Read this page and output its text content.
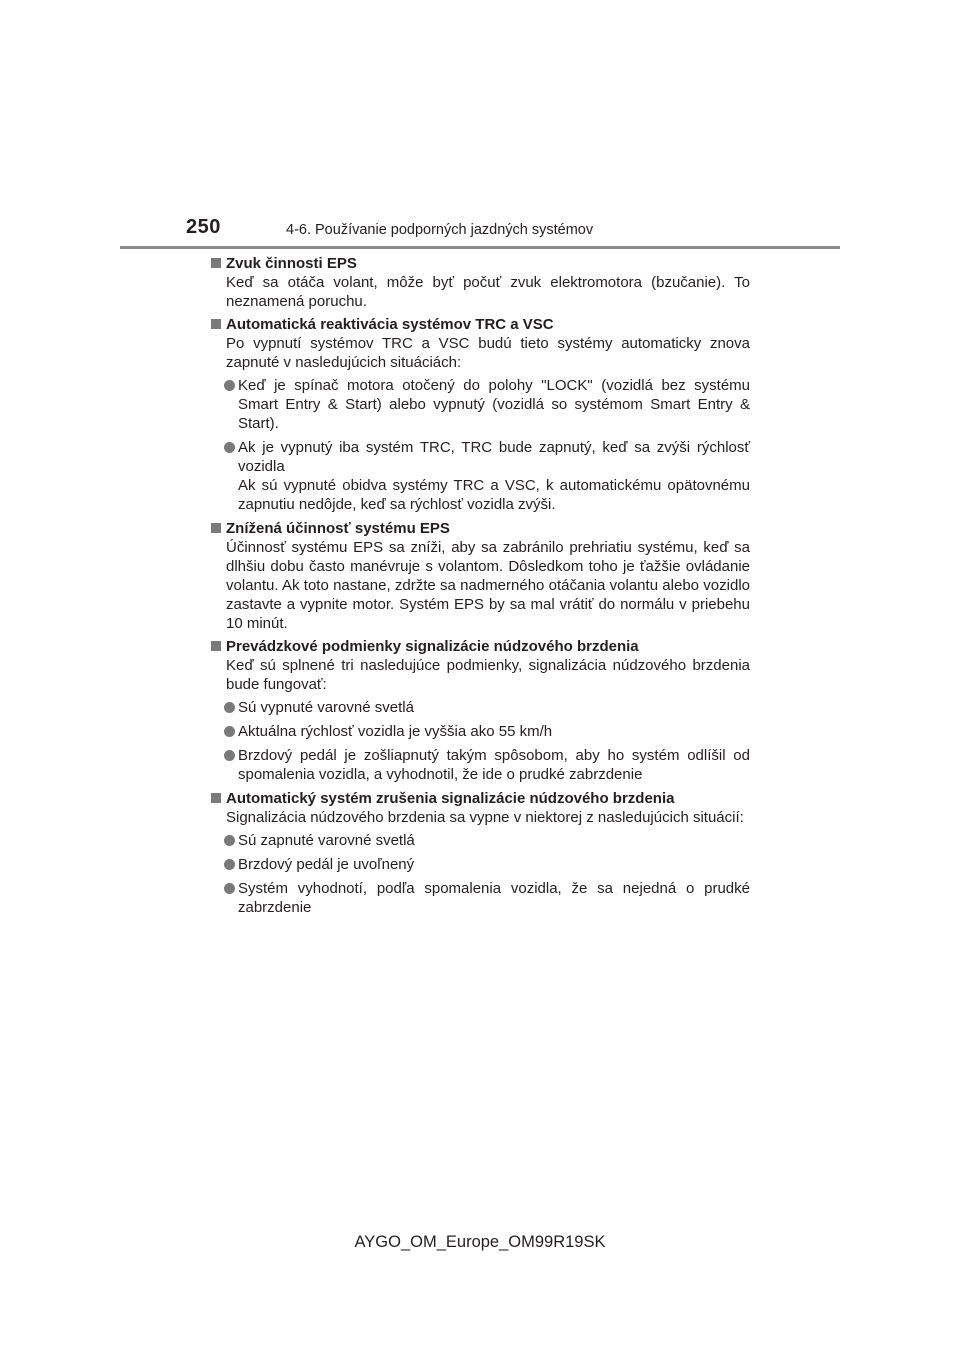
250	4-6. Používanie podporných jazdných systémov
Zvuk činnosti EPS
Keď sa otáča volant, môže byť počuť zvuk elektromotora (bzučanie). To neznamená poruchu.
Automatická reaktivácia systémov TRC a VSC
Po vypnutí systémov TRC a VSC budú tieto systémy automaticky znova zapnuté v nasledujúcich situáciách:

Keď je spínač motora otočený do polohy "LOCK" (vozidlá bez systému Smart Entry & Start) alebo vypnutý (vozidlá so systémom Smart Entry & Start).

Ak je vypnutý iba systém TRC, TRC bude zapnutý, keď sa zvýši rýchlosť vozidla

Ak sú vypnuté obidva systémy TRC a VSC, k automatickému opätovnému zapnutiu nedôjde, keď sa rýchlosť vozidla zvýši.

Znížená účinnosť systému EPS
Účinnosť systému EPS sa zníži, aby sa zabránilo prehriatiu systému, keď sa dlhšiu dobu často manévruje s volantom. Dôsledkom toho je ťažšie ovládanie volantu. Ak toto nastane, zdržte sa nadmerného otáčania volantu alebo vozidlo zastavte a vypnite motor. Systém EPS by sa mal vrátiť do normálu v priebehu 10 minút.
Prevádzkové podmienky signalizácie núdzového brzdenia
Keď sú splnené tri nasledujúce podmienky, signalizácia núdzového brzdenia bude fungovať:

Sú vypnuté varovné svetlá

Aktuálna rýchlosť vozidla je vyššia ako 55 km/h

Brzdový pedál je zošliapnutý takým spôsobom, aby ho systém odlíšil od spomalenia vozidla, a vyhodnotil, že ide o prudké zabrzdenie

Automatický systém zrušenia signalizácie núdzového brzdenia
Signalizácia núdzového brzdenia sa vypne v niektorej z nasledujúcich situácií:

Sú zapnuté varovné svetlá

Brzdový pedál je uvoľnený

Systém vyhodnotí, podľa spomalenia vozidla, že sa nejedná o prudké zabrzdenie

AYGO_OM_Europe_OM99R19SK
